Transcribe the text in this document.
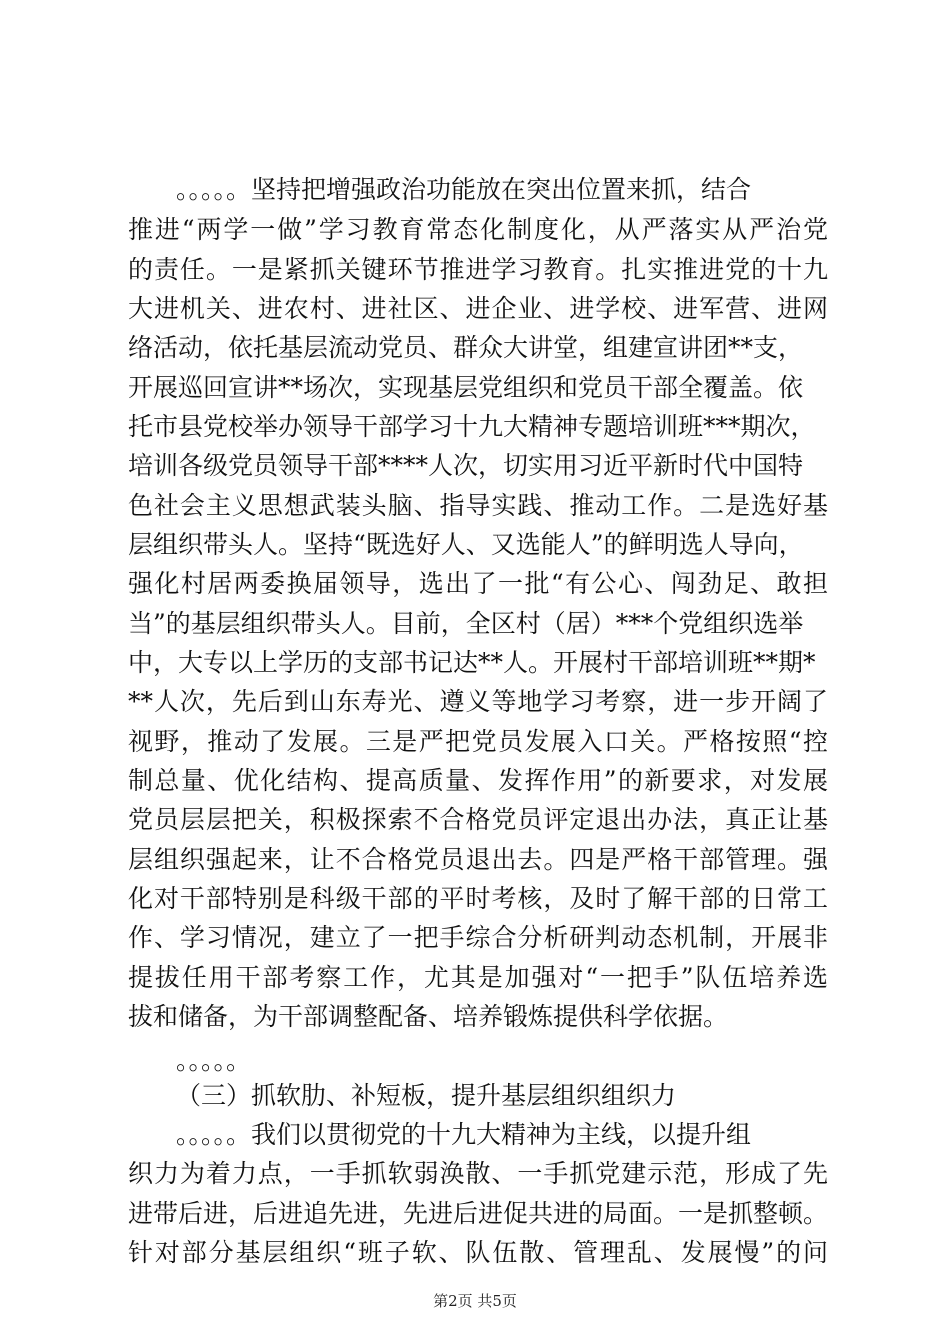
。。。。。坚持把增强政治功能放在突出位置来抓，结合
推进“两学一做”学习教育常态化制度化，从严落实从严治党
的责任。一是紧抓关键环节推进学习教育。扎实推进党的十九
大进机关、进农村、进社区、进企业、进学校、进军营、进网
络活动，依托基层流动党员、群众大讲堂，组建宣讲团**支，
开展巡回宣讲**场次，实现基层党组织和党员干部全覆盖。依
托市县党校举办领导干部学习十九大精神专题培训班***期次，
培训各级党员领导干部****人次，切实用习近平新时代中国特
色社会主义思想武装头脑、指导实践、推动工作。二是选好基
层组织带头人。坚持“既选好人、又选能人”的鲜明选人导向，
强化村居两委换届领导，选出了一批“有公心、闯劲足、敢担
当”的基层组织带头人。目前，全区村（居）***个党组织选举
中，大专以上学历的支部书记达**人。开展村干部培训班**期*
**人次，先后到山东寿光、遵义等地学习考察，进一步开阔了
视野，推动了发展。三是严把党员发展入口关。严格按照“控
制总量、优化结构、提高质量、发挥作用”的新要求，对发展
党员层层把关，积极探索不合格党员评定退出办法，真正让基
层组织强起来，让不合格党员退出去。四是严格干部管理。强
化对干部特别是科级干部的平时考核，及时了解干部的日常工
作、学习情况，建立了一把手综合分析研判动态机制，开展非
提拔任用干部考察工作，尤其是加强对“一把手”队伍培养选
拔和储备，为干部调整配备、培养锻炼提供科学依据。
。。。。。
（三）抓软肋、补短板，提升基层组织组织力
。。。。。我们以贯彻党的十九大精神为主线，以提升组
织力为着力点，一手抓软弱涣散、一手抓党建示范，形成了先
进带后进，后进追先进，先进后进促共进的局面。一是抓整顿。
针对部分基层组织“班子软、队伍散、管理乱、发展慢”的问
第2页 共5页
